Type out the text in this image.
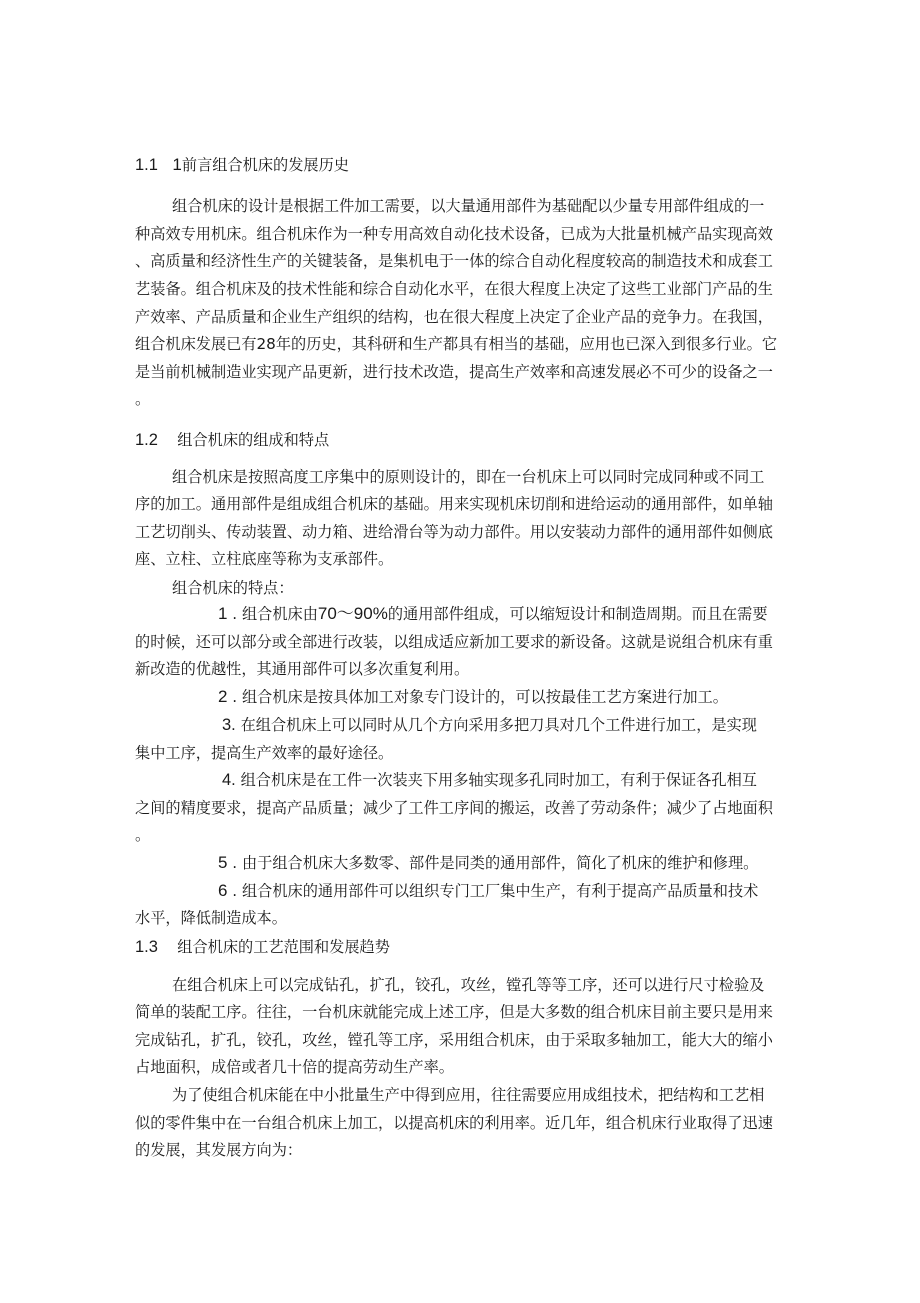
1.1 1前言组合机床的发展历史
组合机床的设计是根据工件加工需要，以大量通用部件为基础配以少量专用部件组成的一
种高效专用机床。组合机床作为一种专用高效自动化技术设备，已成为大批量机械产品实现高效
、高质量和经济性生产的关键装备，是集机电于一体的综合自动化程度较高的制造技术和成套工
艺装备。组合机床及的技术性能和综合自动化水平，在很大程度上决定了这些工业部门产品的生
产效率、产品质量和企业生产组织的结构，也在很大程度上决定了企业产品的竞争力。在我国，
组合机床发展已有28年的历史，其科研和生产都具有相当的基础，应用也已深入到很多行业。它
是当前机械制造业实现产品更新，进行技术改造，提高生产效率和高速发展必不可少的设备之一
。
1.2 组合机床的组成和特点
组合机床是按照高度工序集中的原则设计的，即在一台机床上可以同时完成同种或不同工
序的加工。通用部件是组成组合机床的基础。用来实现机床切削和进给运动的通用部件，如单轴
工艺切削头、传动装置、动力箱、进给滑台等为动力部件。用以安装动力部件的通用部件如侧底
座、立柱、立柱底座等称为支承部件。
组合机床的特点：
1 . 组合机床由70～90%的通用部件组成，可以缩短设计和制造周期。而且在需要
的时候，还可以部分或全部进行改装，以组成适应新加工要求的新设备。这就是说组合机床有重
新改造的优越性，其通用部件可以多次重复利用。
2 . 组合机床是按具体加工对象专门设计的，可以按最佳工艺方案进行加工。
3. 在组合机床上可以同时从几个方向采用多把刀具对几个工件进行加工，是实现
集中工序，提高生产效率的最好途径。
4. 组合机床是在工件一次装夹下用多轴实现多孔同时加工，有利于保证各孔相互
之间的精度要求，提高产品质量；减少了工件工序间的搬运，改善了劳动条件；减少了占地面积
。
5 . 由于组合机床大多数零、部件是同类的通用部件，简化了机床的维护和修理。
6 . 组合机床的通用部件可以组织专门工厂集中生产，有利于提高产品质量和技术
水平，降低制造成本。
1.3 组合机床的工艺范围和发展趋势
在组合机床上可以完成钻孔，扩孔，铰孔，攻丝，镗孔等等工序，还可以进行尺寸检验及
简单的装配工序。往往，一台机床就能完成上述工序，但是大多数的组合机床目前主要只是用来
完成钻孔，扩孔，铰孔，攻丝，镗孔等工序，采用组合机床，由于采取多轴加工，能大大的缩小
占地面积，成倍或者几十倍的提高劳动生产率。
为了使组合机床能在中小批量生产中得到应用，往往需要应用成组技术，把结构和工艺相
似的零件集中在一台组合机床上加工，以提高机床的利用率。近几年，组合机床行业取得了迅速
的发展，其发展方向为：
